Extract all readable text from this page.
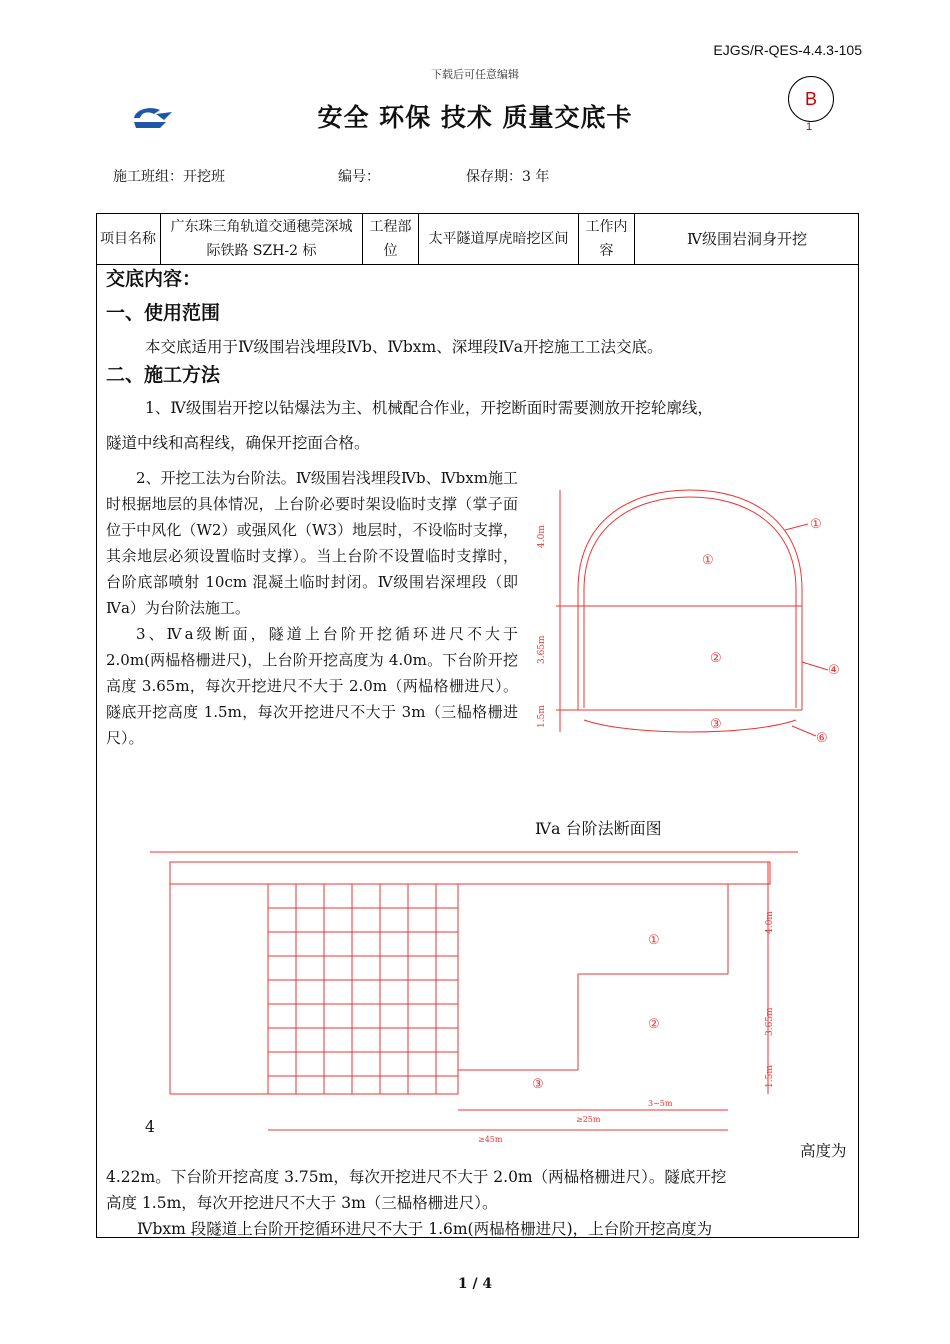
EJGS/R-QES-4.4.3-105
下载后可任意编辑
安全 环保 技术 质量交底卡
B
1
施工班组：开挖班	编号：	保存期：3 年
项目名称
广东珠三角轨道交通穗莞深城际铁路 SZH-2 标
工程部位
太平隧道厚虎暗挖区间
工作内容
Ⅳ级围岩洞身开挖
交底内容：
一、使用范围
本交底适用于Ⅳ级围岩浅埋段Ⅳb、Ⅳbxm、深埋段Ⅳa开挖施工工法交底。
二、施工方法
1、Ⅳ级围岩开挖以钻爆法为主、机械配合作业，开挖断面时需要测放开挖轮廓线，
隧道中线和高程线，确保开挖面合格。

2、开挖工法为台阶法。Ⅳ级围岩浅埋段Ⅳb、Ⅳbxm施工时根据地层的具体情况，上台阶必要时架设临时支撑（掌子面位于中风化（W2）或强风化（W3）地层时，不设临时支撑，其余地层必须设置临时支撑）。当上台阶不设置临时支撑时，台阶底部喷射 10cm 混凝土临时封闭。Ⅳ级围岩深埋段（即Ⅳa）为台阶法施工。

3、Ⅳa级断面，隧道上台阶开挖循环进尺不大于 2.0m(两榀格栅进尺)，上台阶开挖高度为 4.0m。下台阶开挖高度 3.65m，每次开挖进尺不大于 2.0m（两榀格栅进尺）。隧底开挖高度 1.5m，每次开挖进尺不大于 3m（三榀格栅进尺）。

4.0m
3.65m
1.5m
①
②
③
①
④
⑥
Ⅳa 台阶法断面图
4.0m
3.65m
1.5m
①
②
③
≥25m
3~5m
≥45m
4
高度为
4.22m。下台阶开挖高度 3.75m，每次开挖进尺不大于 2.0m（两榀格栅进尺）。隧底开挖
高度 1.5m，每次开挖进尺不大于 3m（三榀格栅进尺）。
Ⅳbxm 段隧道上台阶开挖循环进尺不大于 1.6m(两榀格栅进尺)，上台阶开挖高度为
1 / 4
